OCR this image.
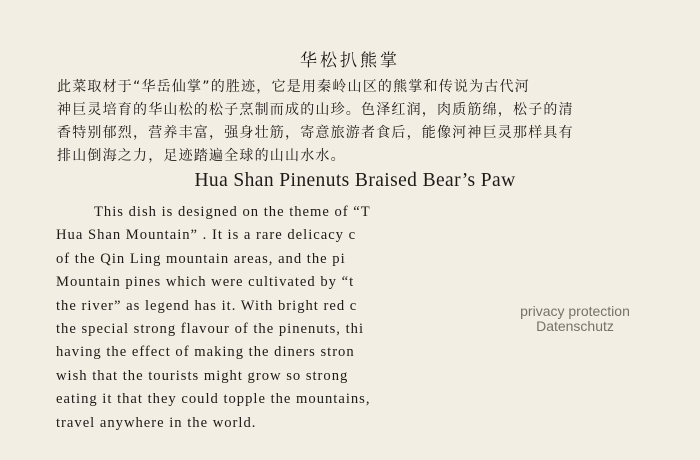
华松扒熊掌
此菜取材于“华岳仙掌”的胜迹，它是用秦岭山区的熊掌和传说为古代河
神巨灵培育的华山松的松子烹制而成的山珍。色泽红润，肉质筋绵，松子的清
香特别郁烈，营养丰富，强身壮筋，寄意旅游者食后，能像河神巨灵那样具有
排山倒海之力，足迹踏遍全球的山山水水。
Hua Shan Pinenuts Braised Bear’s Paw
This dish is designed on the theme of “T
Hua Shan Mountain” . It is a rare delicacy c
of the Qin Ling mountain areas, and the pi
Mountain pines which were cultivated by “t
the river” as legend has it. With bright red c
the special strong flavour of the pinenuts, thi
having the effect of making the diners stron
wish that the tourists might grow so strong
eating it that they could topple the mountains,
travel anywhere in the world.
privacy protection
Datenschutz
